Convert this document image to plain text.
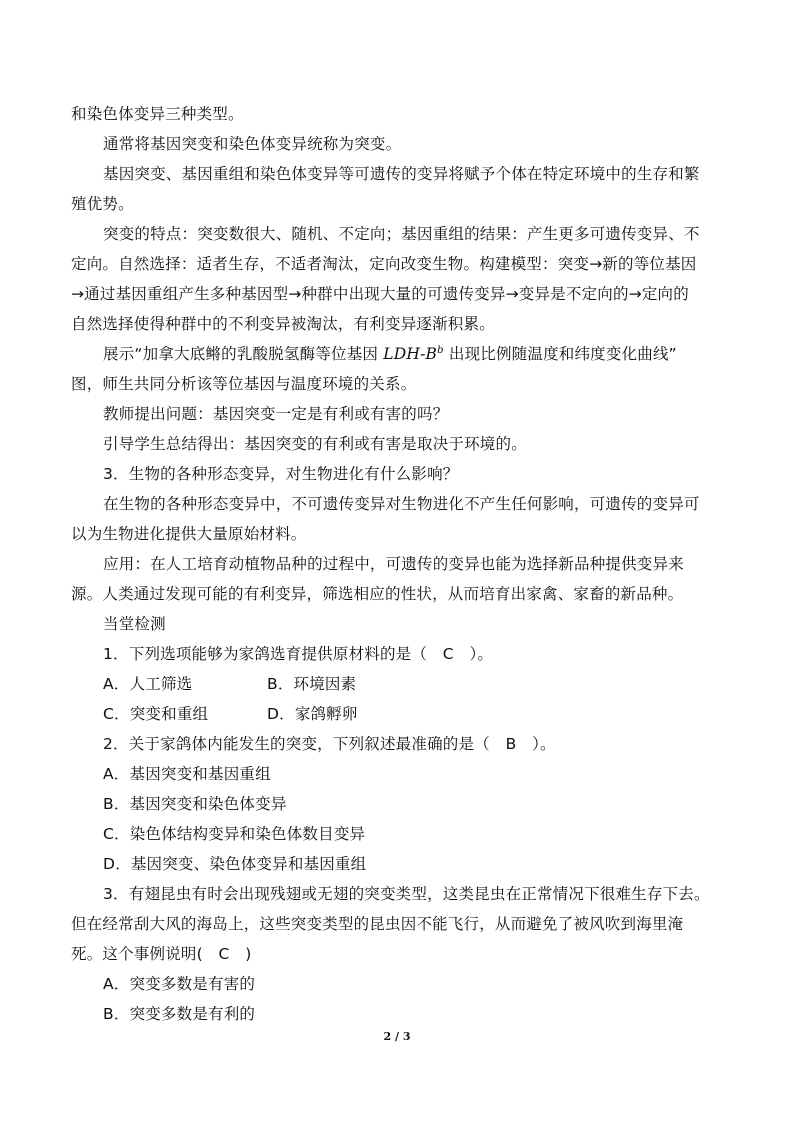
和染色体变异三种类型。
通常将基因突变和染色体变异统称为突变。
基因突变、基因重组和染色体变异等可遗传的变异将赋予个体在特定环境中的生存和繁
殖优势。
突变的特点：突变数很大、随机、不定向；基因重组的结果：产生更多可遗传变异、不
定向。自然选择：适者生存，不适者淘汰，定向改变生物。构建模型：突变→新的等位基因
→通过基因重组产生多种基因型→种群中出现大量的可遗传变异→变异是不定向的→定向的
自然选择使得种群中的不利变异被淘汰，有利变异逐渐积累。
展示“加拿大底鳉的乳酸脱氢酶等位基因 LDH-$B^b$ 出现比例随温度和纬度变化曲线”
图，师生共同分析该等位基因与温度环境的关系。
教师提出问题：基因突变一定是有利或有害的吗？
引导学生总结得出：基因突变的有利或有害是取决于环境的。
3．生物的各种形态变异，对生物进化有什么影响？
在生物的各种形态变异中，不可遗传变异对生物进化不产生任何影响，可遗传的变异可
以为生物进化提供大量原始材料。
应用：在人工培育动植物品种的过程中，可遗传的变异也能为选择新品种提供变异来
源。人类通过发现可能的有利变异，筛选相应的性状，从而培育出家禽、家畜的新品种。
当堂检测
1．下列选项能够为家鸽选育提供原材料的是（　C　）。
A．人工筛选	B．环境因素
C．突变和重组	D．家鸽孵卵
2．关于家鸽体内能发生的突变，下列叙述最准确的是（　B　）。
A．基因突变和基因重组
B．基因突变和染色体变异
C．染色体结构变异和染色体数目变异
D．基因突变、染色体变异和基因重组
3．有翅昆虫有时会出现残翅或无翅的突变类型，这类昆虫在正常情况下很难生存下去。
但在经常刮大风的海岛上，这些突变类型的昆虫因不能飞行，从而避免了被风吹到海里淹
死。这个事例说明(　C　)
A．突变多数是有害的
B．突变多数是有利的
2 / 3
